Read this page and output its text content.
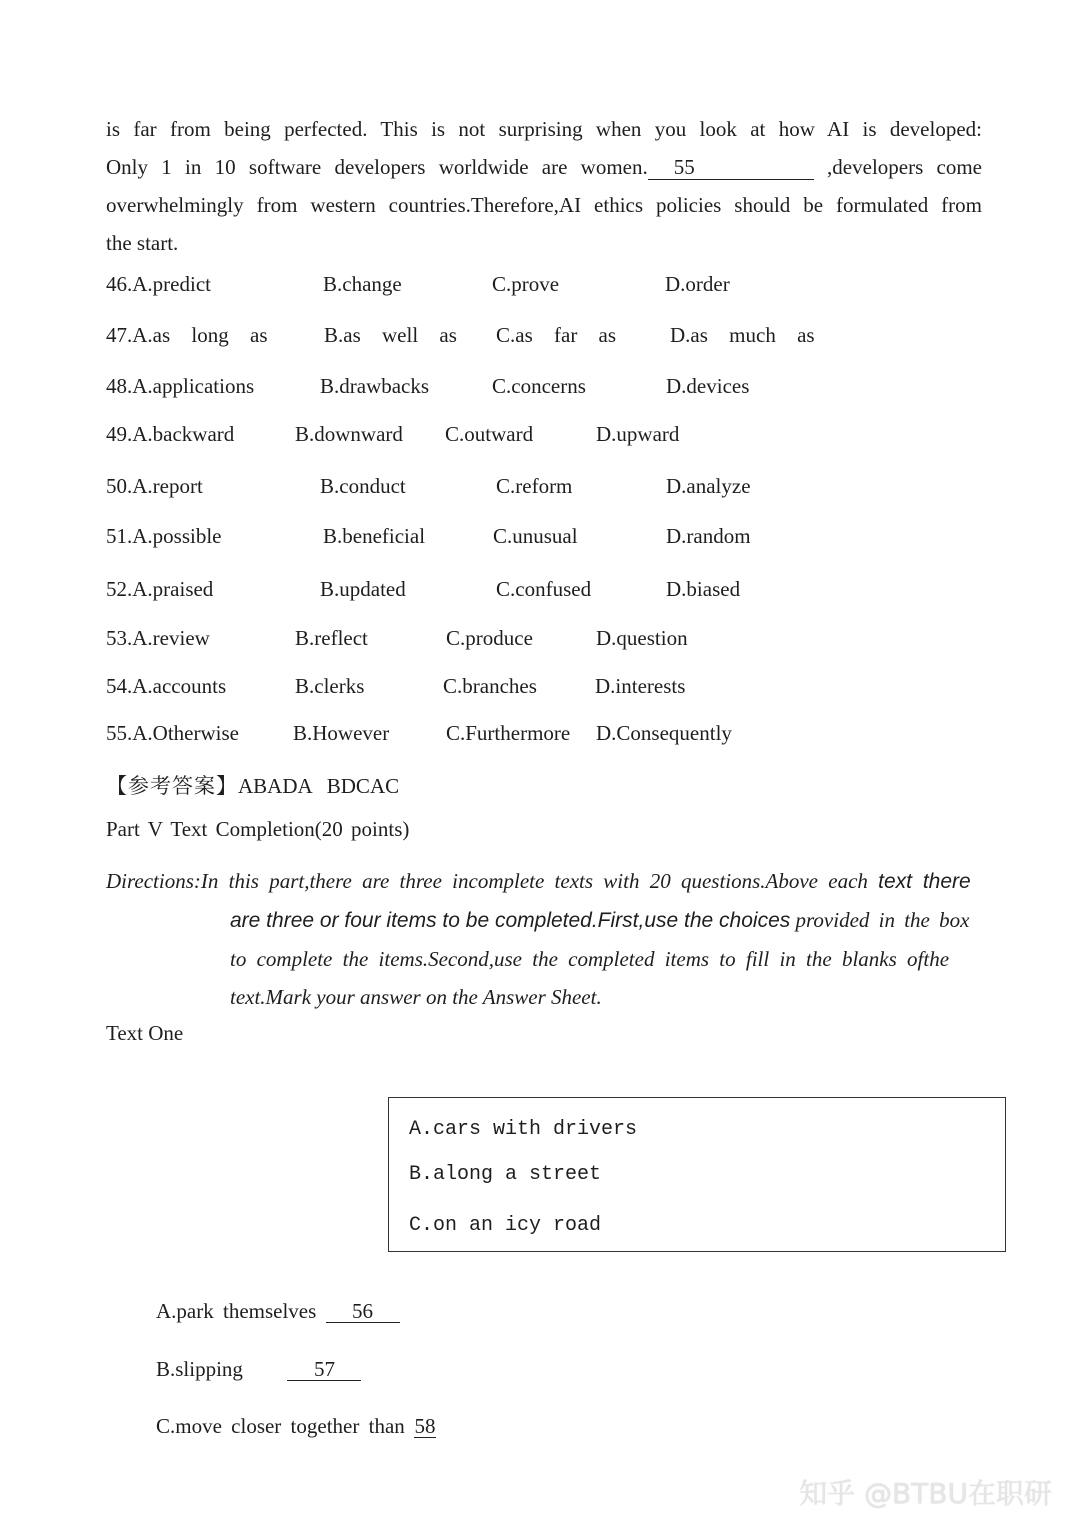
is far from being perfected. This is not surprising when you look at how AI is developed:
Only 1 in 10 software developers worldwide are women. 55	,developers come
overwhelmingly from western countries.Therefore,AI ethics policies should be formulated from
the start.
46.A.predict	B.change	C.prove	D.order
47.A.as long as	B.as well as C.as far as	D.as much as
48.A.applications	B.drawbacks	C.concerns	D.devices
49.A.backward	B.downward C.outward	D.upward
50.A.report	B.conduct	C.reform	D.analyze
51.A.possible	B.beneficial	C.unusual	D.random
52.A.praised	B.updated	C.confused	D.biased
53.A.review	B.reflect	C.produce	D.question
54.A.accounts	B.clerks	C.branches	D.interests
55.A.Otherwise	B.However	C.Furthermore D.Consequently
【参考答案】ABADA BDCAC
Part V Text Completion(20 points)
Directions:In this part,there are three incomplete texts with 20 questions.Above each text there
are three or four items to be completed.First,use the choices provided in the box
to complete the items.Second,use the completed items to fill in the blanks ofthe
text.Mark your answer on the Answer Sheet.
Text One
A.cars with drivers
B.along a street
C.on an icy road
A.park themselves 56
B.slipping	57
C.move closer together than 58
知乎 @BTBU在职研
